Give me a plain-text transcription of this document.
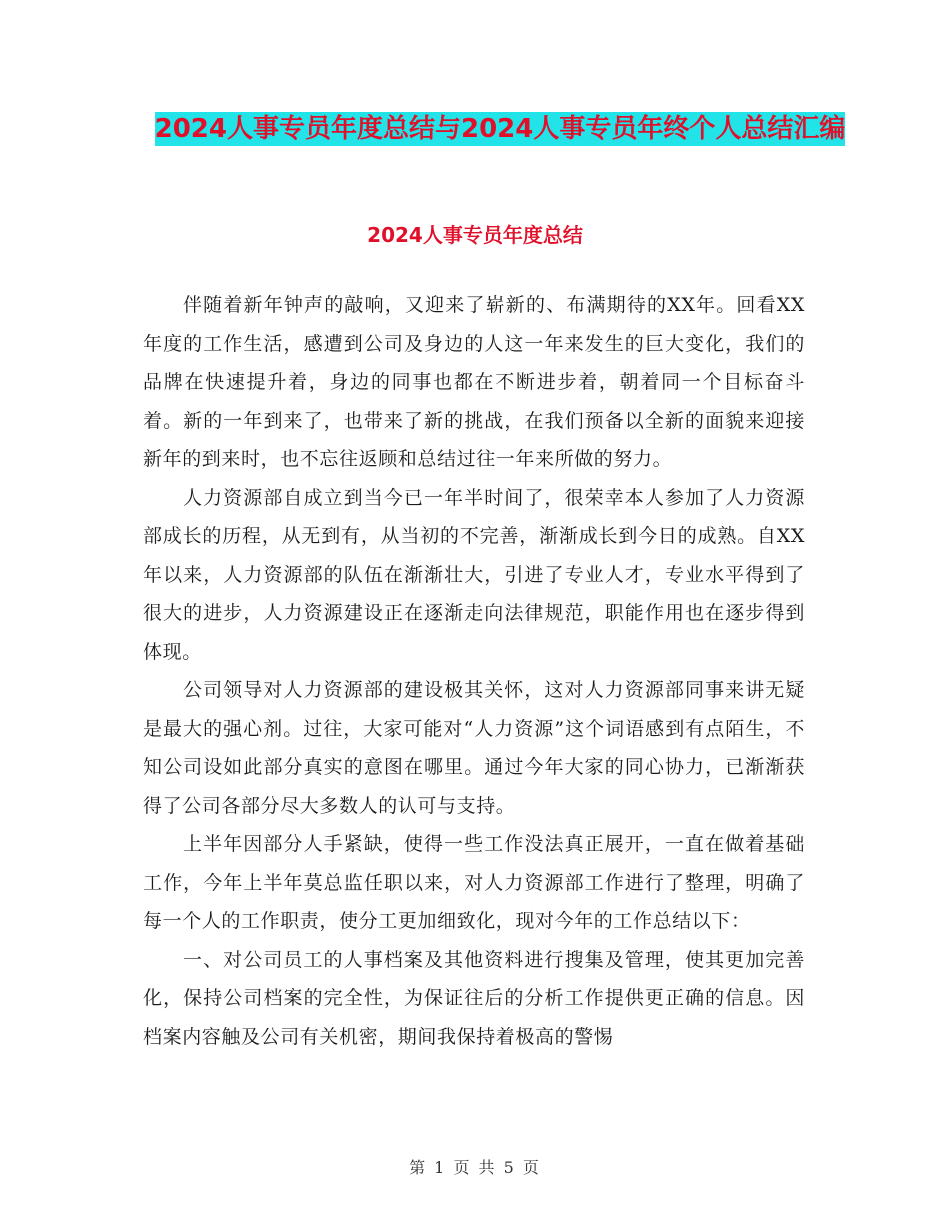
2024人事专员年度总结与2024人事专员年终个人总结汇编
2024人事专员年度总结

伴随着新年钟声的敲响，又迎来了崭新的、布满期待的XX年。回看XX年度的工作生活，感遭到公司及身边的人这一年来发生的巨大变化，我们的品牌在快速提升着，身边的同事也都在不断进步着，朝着同一个目标奋斗着。新的一年到来了，也带来了新的挑战，在我们预备以全新的面貌来迎接新年的到来时，也不忘往返顾和总结过往一年来所做的努力。

人力资源部自成立到当今已一年半时间了，很荣幸本人参加了人力资源部成长的历程，从无到有，从当初的不完善，渐渐成长到今日的成熟。自XX年以来，人力资源部的队伍在渐渐壮大，引进了专业人才，专业水平得到了很大的进步，人力资源建设正在逐渐走向法律规范，职能作用也在逐步得到体现。

公司领导对人力资源部的建设极其关怀，这对人力资源部同事来讲无疑是最大的强心剂。过往，大家可能对“人力资源”这个词语感到有点陌生，不知公司设如此部分真实的意图在哪里。通过今年大家的同心协力，已渐渐获得了公司各部分尽大多数人的认可与支持。

上半年因部分人手紧缺，使得一些工作没法真正展开，一直在做着基础工作，今年上半年莫总监任职以来，对人力资源部工作进行了整理，明确了每一个人的工作职责，使分工更加细致化，现对今年的工作总结以下：

一、对公司员工的人事档案及其他资料进行搜集及管理，使其更加完善化，保持公司档案的完全性，为保证往后的分析工作提供更正确的信息。因档案内容触及公司有关机密，期间我保持着极高的警惕

第 1 页 共 5 页
